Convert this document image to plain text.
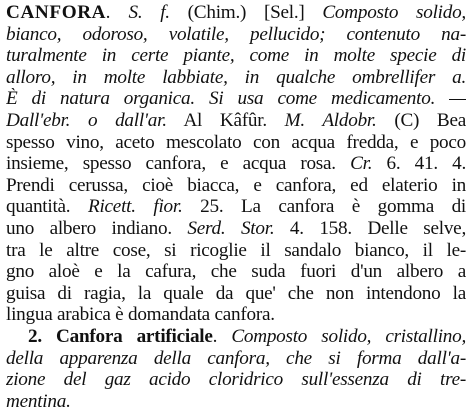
CANFORA. S. f. (Chim.) [Sel.] Composto solido,
bianco, odoroso, volatile, pellucido; contenuto na-
turalmente in certe piante, come in molte specie di
alloro, in molte labbiate, in qualche ombrellifer a.
È di natura organica. Si usa come medicamento. —
Dall'ebr. o dall'ar. Al Kâfûr. M. Aldobr. (C) Bea
spesso vino, aceto mescolato con acqua fredda, e poco
insieme, spesso canfora, e acqua rosa. Cr. 6. 41. 4.
Prendi cerussa, cioè biacca, e canfora, ed elaterio in
quantità. Ricett. fior. 25. La canfora è gomma di
uno albero indiano. Serd. Stor. 4. 158. Delle selve,
tra le altre cose, si ricoglie il sandalo bianco, il le-
gno aloè e la cafura, che suda fuori d'un albero a
guisa di ragia, la quale da que' che non intendono la
lingua arabica è domandata canfora.
2. Canfora artificiale. Composto solido, cristallino,
della apparenza della canfora, che si forma dall'a-
zione del gaz acido cloridrico sull'essenza di tre-
mentina.
